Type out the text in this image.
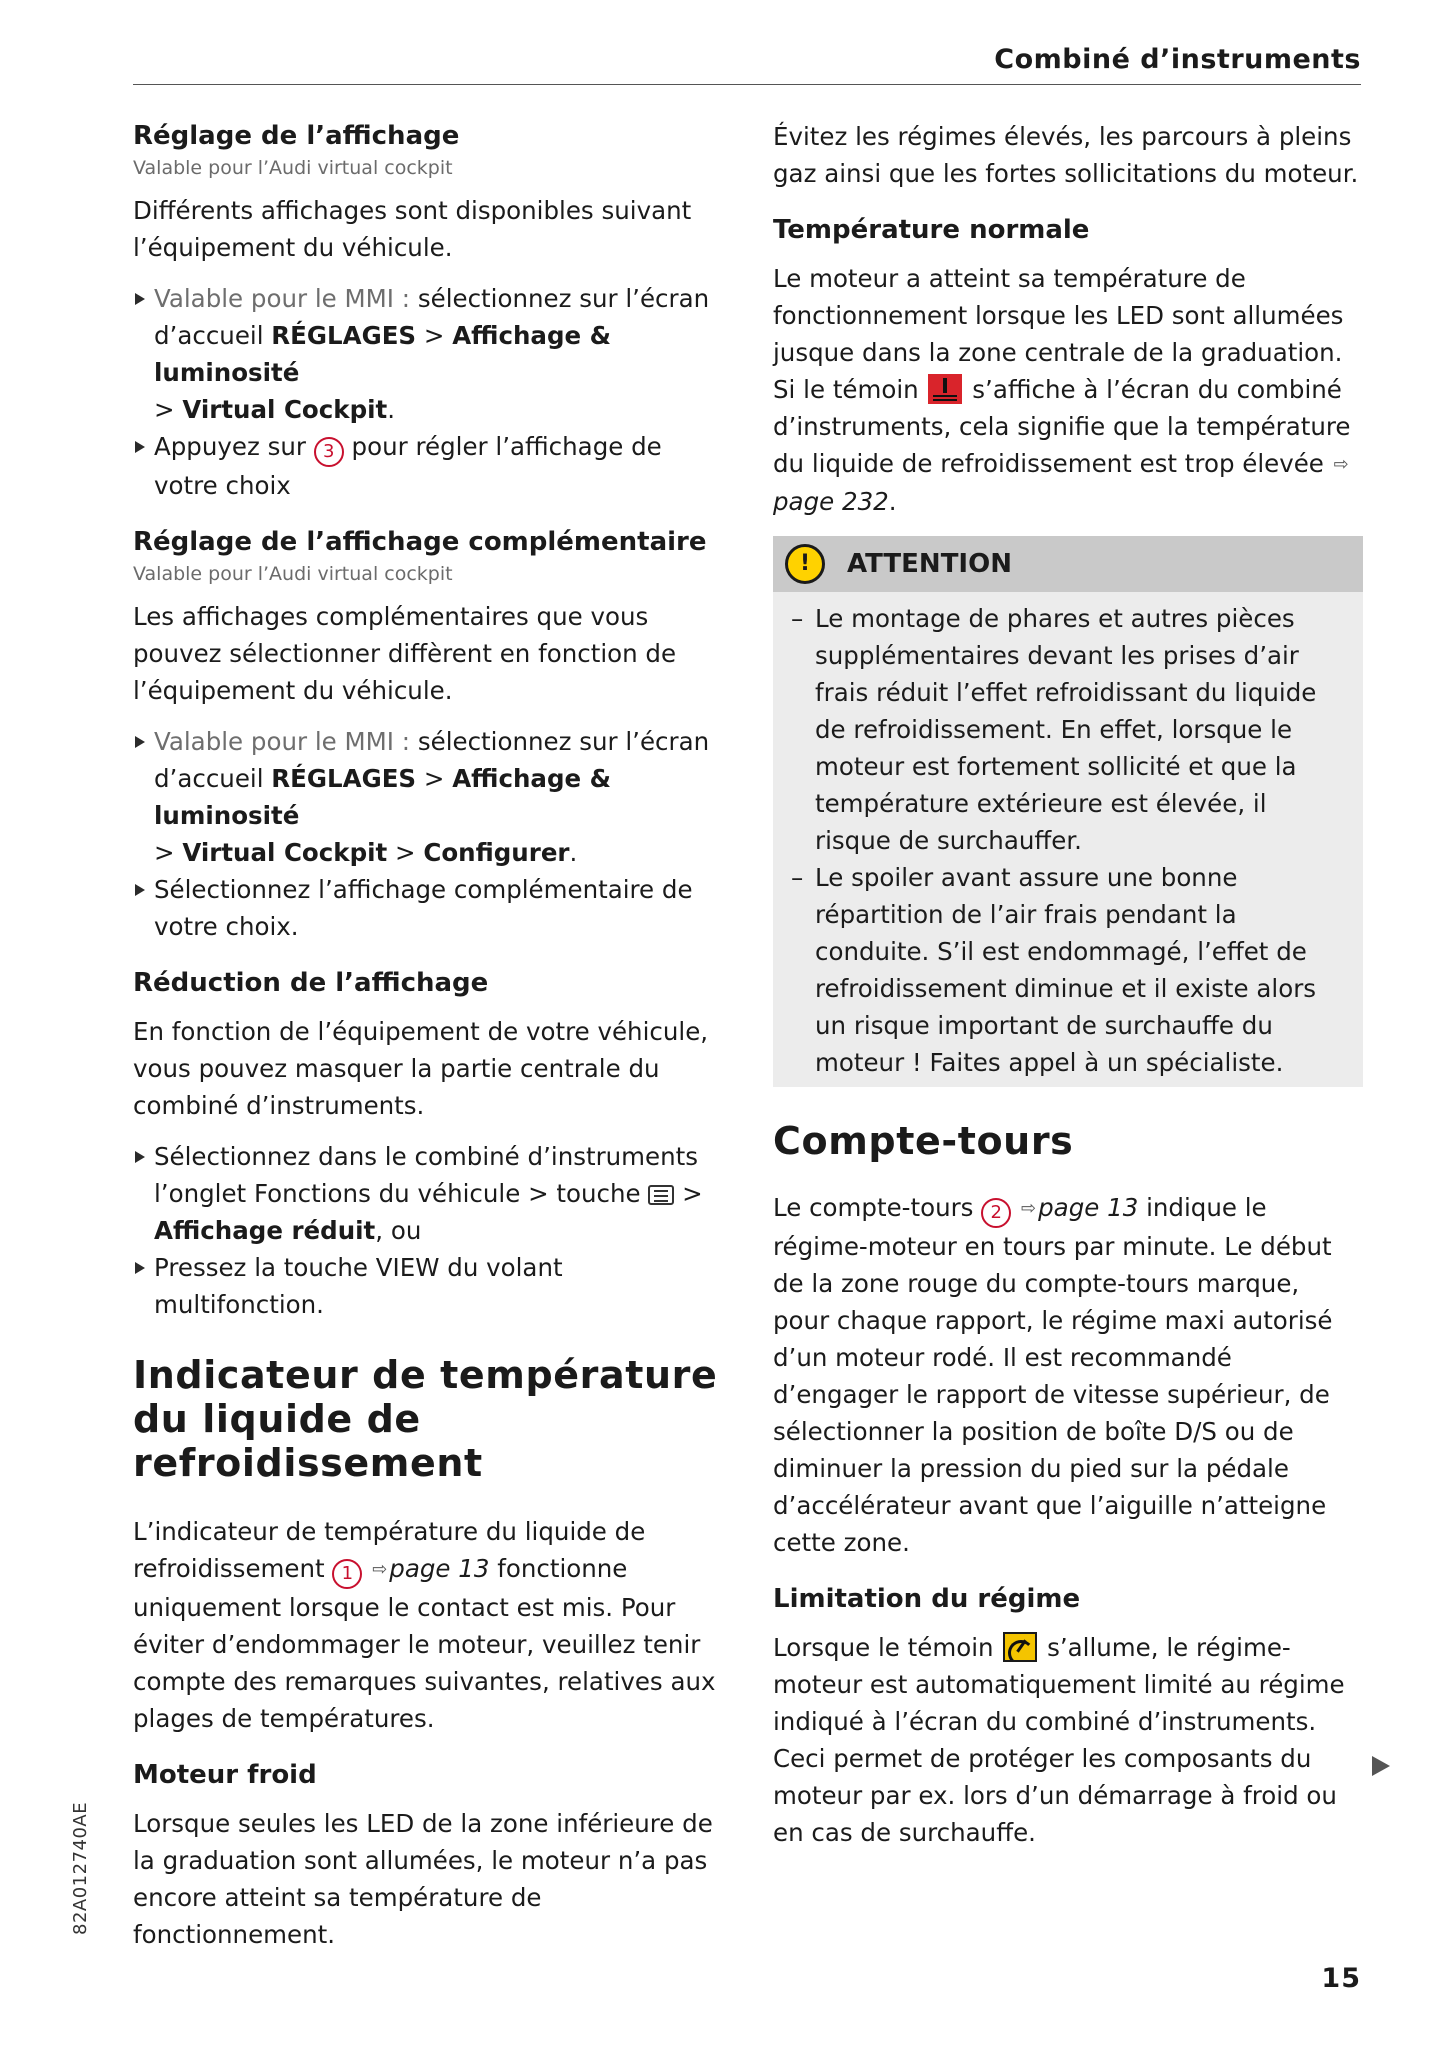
Combiné d’instruments
Réglage de l’affichage
Valable pour l’Audi virtual cockpit

Différents affichages sont disponibles suivant l’équipement du véhicule.

Valable pour le MMI : sélectionnez sur l’écran d’accueil RÉGLAGES > Affichage & luminosité
> Virtual Cockpit.
Appuyez sur 3 pour régler l’affichage de votre choix
Réglage de l’affichage complémentaire
Valable pour l’Audi virtual cockpit

Les affichages complémentaires que vous pouvez sélectionner diffèrent en fonction de l’équipement du véhicule.

Valable pour le MMI : sélectionnez sur l’écran d’accueil RÉGLAGES > Affichage & luminosité
> Virtual Cockpit > Configurer.
Sélectionnez l’affichage complémentaire de votre choix.
Réduction de l’affichage

En fonction de l’équipement de votre véhicule, vous pouvez masquer la partie centrale du combiné d’instruments.

Sélectionnez dans le combiné d’instruments l’onglet Fonctions du véhicule > touche  > Affichage réduit, ou
Pressez la touche VIEW du volant multifonction.
Indicateur de température du liquide de refroidissement

L’indicateur de température du liquide de refroidissement 1 ⇨page 13 fonctionne uniquement lorsque le contact est mis. Pour éviter d’endommager le moteur, veuillez tenir compte des remarques suivantes, relatives aux plages de températures.

Moteur froid

Lorsque seules les LED de la zone inférieure de la graduation sont allumées, le moteur n’a pas encore atteint sa température de fonctionnement.

Évitez les régimes élevés, les parcours à pleins gaz ainsi que les fortes sollicitations du moteur.

Température normale

Le moteur a atteint sa température de fonctionnement lorsque les LED sont allumées jusque dans la zone centrale de la graduation. Si le témoin  s’affiche à l’écran du combiné d’instruments, cela signifie que la température du liquide de refroidissement est trop élevée ⇨page 232.

!	ATTENTION
– Le montage de phares et autres pièces supplémentaires devant les prises d’air frais réduit l’effet refroidissant du liquide de refroidissement. En effet, lorsque le moteur est fortement sollicité et que la température extérieure est élevée, il risque de surchauffer.
– Le spoiler avant assure une bonne répartition de l’air frais pendant la conduite. S’il est endommagé, l’effet de refroidissement diminue et il existe alors un risque important de surchauffe du moteur ! Faites appel à un spécialiste.
Compte-tours

Le compte-tours 2 ⇨page 13 indique le régime-moteur en tours par minute. Le début de la zone rouge du compte-tours marque, pour chaque rapport, le régime maxi autorisé d’un moteur rodé. Il est recommandé d’engager le rapport de vitesse supérieur, de sélectionner la position de boîte D/S ou de diminuer la pression du pied sur la pédale d’accélérateur avant que l’aiguille n’atteigne cette zone.

Limitation du régime

Lorsque le témoin  s’allume, le régime-moteur est automatiquement limité au régime indiqué à l’écran du combiné d’instruments. Ceci permet de protéger les composants du moteur par ex. lors d’un démarrage à froid ou en cas de surchauffe.

82A012740AE
15
